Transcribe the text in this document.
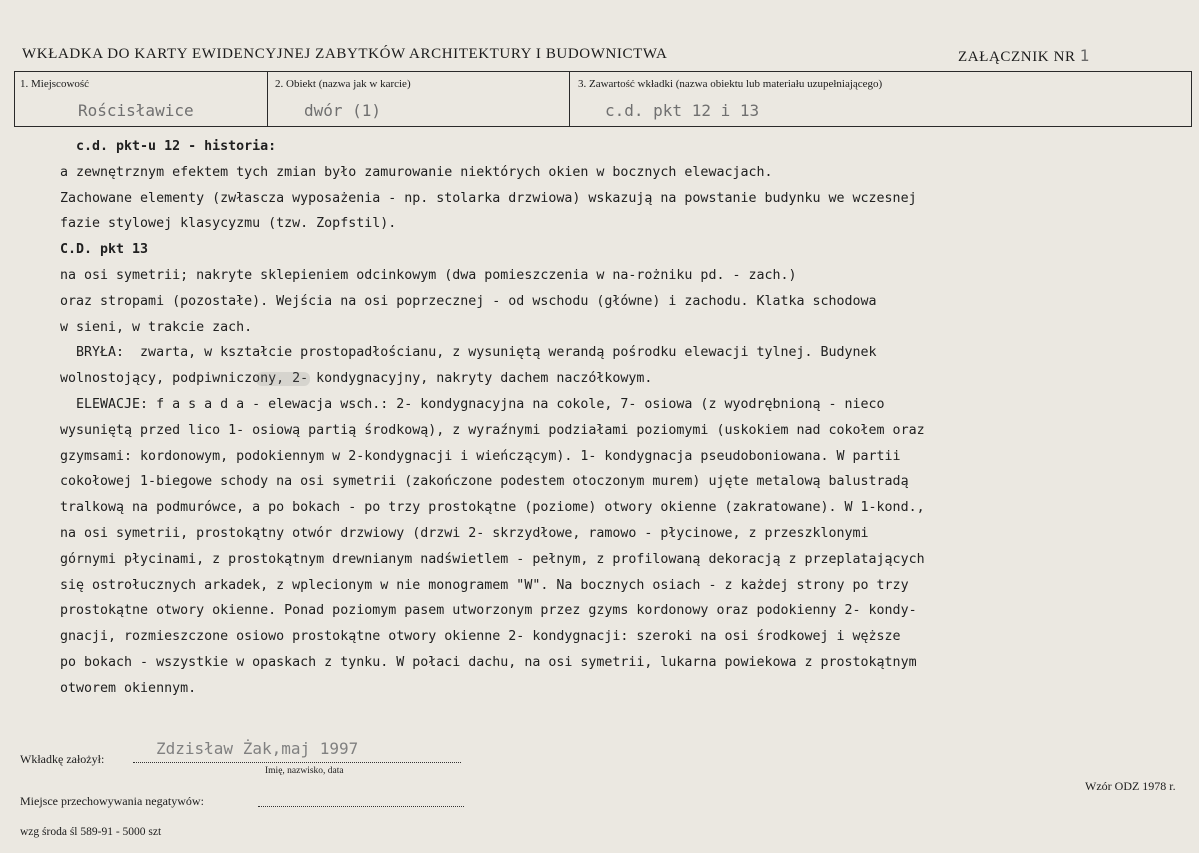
WKŁADKA DO KARTY EWIDENCYJNEJ ZABYTKÓW ARCHITEKTURY I BUDOWNICTWA	ZAŁĄCZNIK NR 1
1. Miejscowość
Rościsławice
2. Obiekt (nazwa jak w karcie)
dwór (1)
3. Zawartość wkładki (nazwa obiektu lub materiału uzupełniającego)
c.d. pkt 12 i 13
c.d. pkt-u 12 - historia:
a zewnętrznym efektem tych zmian było zamurowanie niektórych okien w bocznych elewacjach.
Zachowane elementy (zwłascza wyposażenia - np. stolarka drzwiowa) wskazują na powstanie budynku we wczesnej
fazie stylowej klasycyzmu (tzw. Zopfstil).
C.D. pkt 13
na osi symetrii; nakryte sklepieniem odcinkowym (dwa pomieszczenia w na-rożniku pd. - zach.)
oraz stropami (pozostałe). Wejścia na osi poprzecznej - od wschodu (główne) i zachodu. Klatka schodowa
w sieni, w trakcie zach.
BRYŁA:  zwarta, w kształcie prostopadłościanu, z wysuniętą werandą pośrodku elewacji tylnej. Budynek
wolnostojący, podpiwniczony, 2- kondygnacyjny, nakryty dachem naczółkowym.
ELEWACJE: f a s a d a - elewacja wsch.: 2- kondygnacyjna na cokole, 7- osiowa (z wyodrębnioną - nieco
wysuniętą przed lico 1- osiową partią środkową), z wyraźnymi podziałami poziomymi (uskokiem nad cokołem oraz
gzymsami: kordonowym, podokiennym w 2-kondygnacji i wieńczącym). 1- kondygnacja pseudoboniowana. W partii
cokołowej 1-biegowe schody na osi symetrii (zakończone podestem otoczonym murem) ujęte metalową balustradą
tralkową na podmurówce, a po bokach - po trzy prostokątne (poziome) otwory okienne (zakratowane). W 1-kond.,
na osi symetrii, prostokątny otwór drzwiowy (drzwi 2- skrzydłowe, ramowo - płycinowe, z przeszklonymi
górnymi płycinami, z prostokątnym drewnianym nadświetlem - pełnym, z profilowaną dekoracją z przeplatających
się ostrołucznych arkadek, z wplecionym w nie monogramem "W". Na bocznych osiach - z każdej strony po trzy
prostokątne otwory okienne. Ponad poziomym pasem utworzonym przez gzyms kordonowy oraz podokienny 2- kondy-
gnacji, rozmieszczone osiowo prostokątne otwory okienne 2- kondygnacji: szeroki na osi środkowej i węższe
po bokach - wszystkie w opaskach z tynku. W połaci dachu, na osi symetrii, lukarna powiekowa z prostokątnym
otworem okiennym.
Wkładkę założył:
Zdzisław Żak,maj 1997
Imię, nazwisko, data
Wzór ODZ 1978 r.
Miejsce przechowywania negatywów:
wzg środa śl 589-91 - 5000 szt
